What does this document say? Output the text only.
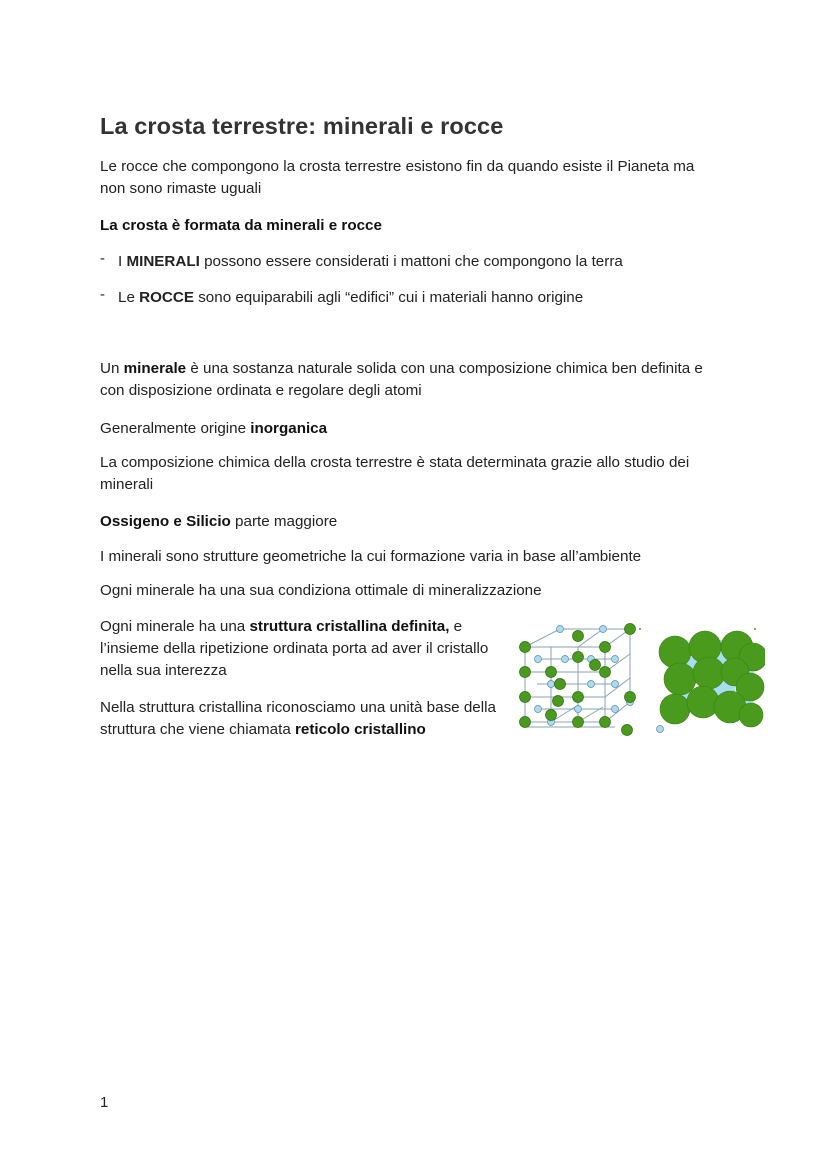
La crosta terrestre: minerali e rocce

Le rocce che compongono la crosta terrestre esistono fin da quando esiste il Pianeta ma non sono rimaste uguali

La crosta è formata da minerali e rocce

- I MINERALI possono essere considerati i mattoni che compongono la terra
- Le ROCCE sono equiparabili agli “edifici” cui i materiali hanno origine

Un minerale è una sostanza naturale solida con una composizione chimica ben definita e con disposizione ordinata e regolare degli atomi

Generalmente origine inorganica

La composizione chimica della crosta terrestre è stata determinata grazie allo studio dei minerali

Ossigeno e Silicio parte maggiore

I minerali sono strutture geometriche la cui formazione varia in base all’ambiente

Ogni minerale ha una sua condiziona ottimale di mineralizzazione

Ogni minerale ha una struttura cristallina definita, e l’insieme della ripetizione ordinata porta ad aver il cristallo nella sua interezza

Nella struttura cristallina riconosciamo una unità base della struttura che viene chiamata reticolo cristallino

1
